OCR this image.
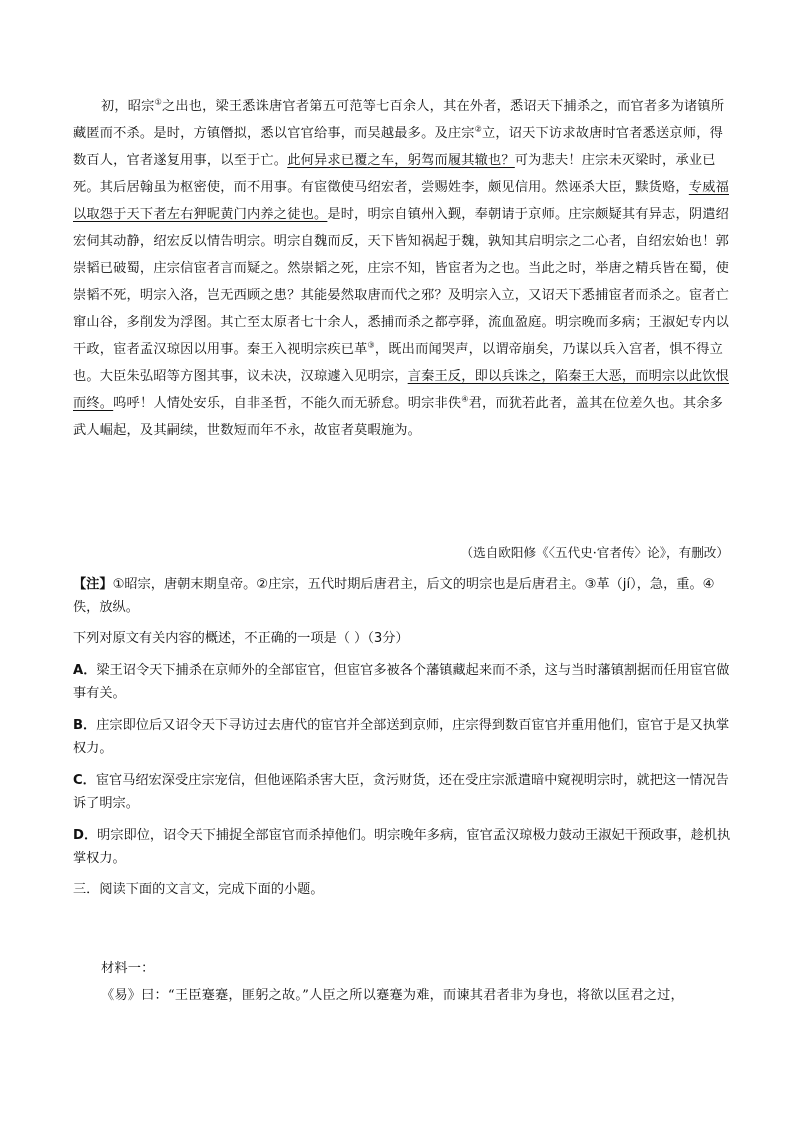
初，昭宗①之出也，梁王悉诛唐官者第五可范等七百余人，其在外者，悉诏天下捕杀之，而官者多为诸镇所藏匿而不杀。是时，方镇僭拟，悉以官官给事，而吴越最多。及庄宗②立，诏天下访求故唐时官者悉送京师，得数百人，官者遂复用事，以至于亡。此何异求已覆之车，躬驾而履其辙也？可为悲夫！庄宗未灭梁时，承业已死。其后居翰虽为枢密使，而不用事。有宦徵使马绍宏者，尝赐姓李，颇见信用。然诬杀大臣，黩货赂，专威福以取怨于天下者左右狎昵黄门内养之徒也。是时，明宗自镇州入觐，奉朝请于京师。庄宗颇疑其有异志，阴遣绍宏伺其动静，绍宏反以情告明宗。明宗自魏而反，天下皆知祸起于魏，孰知其启明宗之二心者，自绍宏始也！郭崇韬已破蜀，庄宗信宦者言而疑之。然崇韬之死，庄宗不知，皆宦者为之也。当此之时，举唐之精兵皆在蜀，使崇韬不死，明宗入洛，岂无西顾之患？其能晏然取唐而代之邪？及明宗入立，又诏天下悉捕宦者而杀之。宦者亡窜山谷，多削发为浮图。其亡至太原者七十余人，悉捕而杀之都亭驿，流血盈庭。明宗晚而多病；王淑妃专内以干政，宦者孟汉琼因以用事。秦王入视明宗疾已革③，既出而闻哭声，以谓帝崩矣，乃谋以兵入宫者，惧不得立也。大臣朱弘昭等方图其事，议未决，汉琼遽入见明宗，言秦王反，即以兵诛之，陷秦王大恶，而明宗以此饮恨而终。呜呼！人情处安乐，自非圣哲，不能久而无骄怠。明宗非佚④君，而犹若此者，盖其在位差久也。其余多武人崛起，及其嗣续，世数短而年不永，故宦者莫暇施为。

（选自欧阳修《〈五代史·官者传〉论》，有删改）

【注】①昭宗，唐朝末期皇帝。②庄宗，五代时期后唐君主，后文的明宗也是后唐君主。③革（jí），急，重。④佚，放纵。

下列对原文有关内容的概述，不正确的一项是（ ）（3分）

A．梁王诏令天下捕杀在京师外的全部宦官，但宦官多被各个藩镇藏起来而不杀，这与当时藩镇割据而任用宦官做事有关。

B．庄宗即位后又诏令天下寻访过去唐代的宦官并全部送到京师，庄宗得到数百宦官并重用他们，宦官于是又执掌权力。

C．宦官马绍宏深受庄宗宠信，但他诬陷杀害大臣，贪污财货，还在受庄宗派遣暗中窥视明宗时，就把这一情况告诉了明宗。

D．明宗即位，诏令天下捕捉全部宦官而杀掉他们。明宗晚年多病，宦官孟汉琼极力鼓动王淑妃干预政事，趁机执掌权力。

三．阅读下面的文言文，完成下面的小题。

材料一：

《易》曰：“王臣蹇蹇，匪躬之故。”人臣之所以蹇蹇为难，而谏其君者非为身也，将欲以匡君之过，
